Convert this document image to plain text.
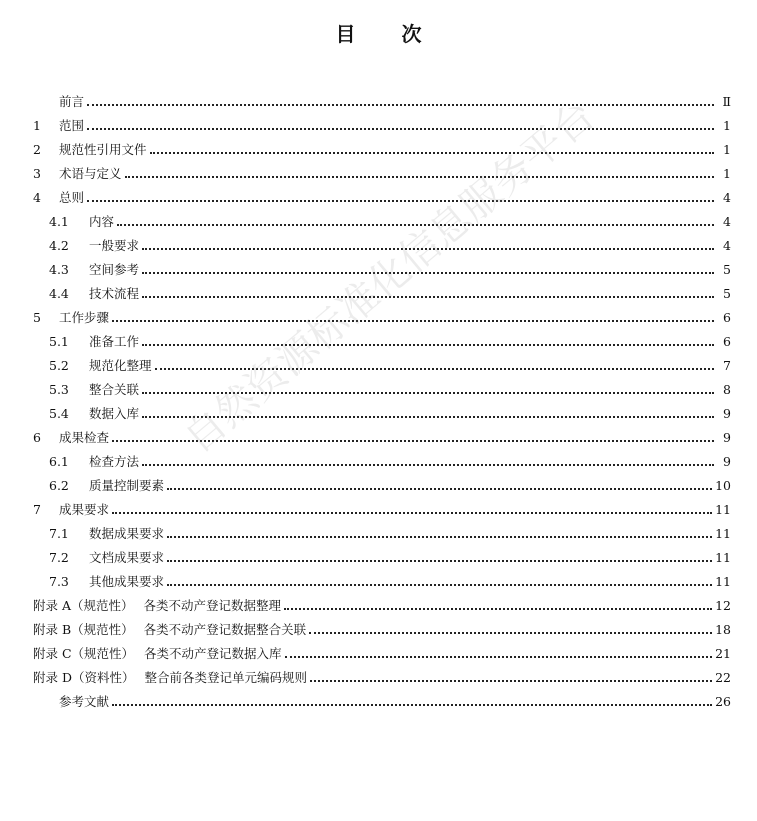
目 次
前言	Ⅱ
1	范围	1
2	规范性引用文件	1
3	术语与定义	1
4	总则	4
4.1	内容	4
4.2	一般要求	4
4.3	空间参考	5
4.4	技术流程	5
5	工作步骤	6
5.1	准备工作	6
5.2	规范化整理	7
5.3	整合关联	8
5.4	数据入库	9
6	成果检查	9
6.1	检查方法	9
6.2	质量控制要素	10
7	成果要求	11
7.1	数据成果要求	11
7.2	文档成果要求	11
7.3	其他成果要求	11
附录 A（规范性） 各类不动产登记数据整理	12
附录 B（规范性） 各类不动产登记数据整合关联	18
附录 C（规范性） 各类不动产登记数据入库	21
附录 D（资料性） 整合前各类登记单元编码规则	22
参考文献	26
自然资源标准化信息服务平台
